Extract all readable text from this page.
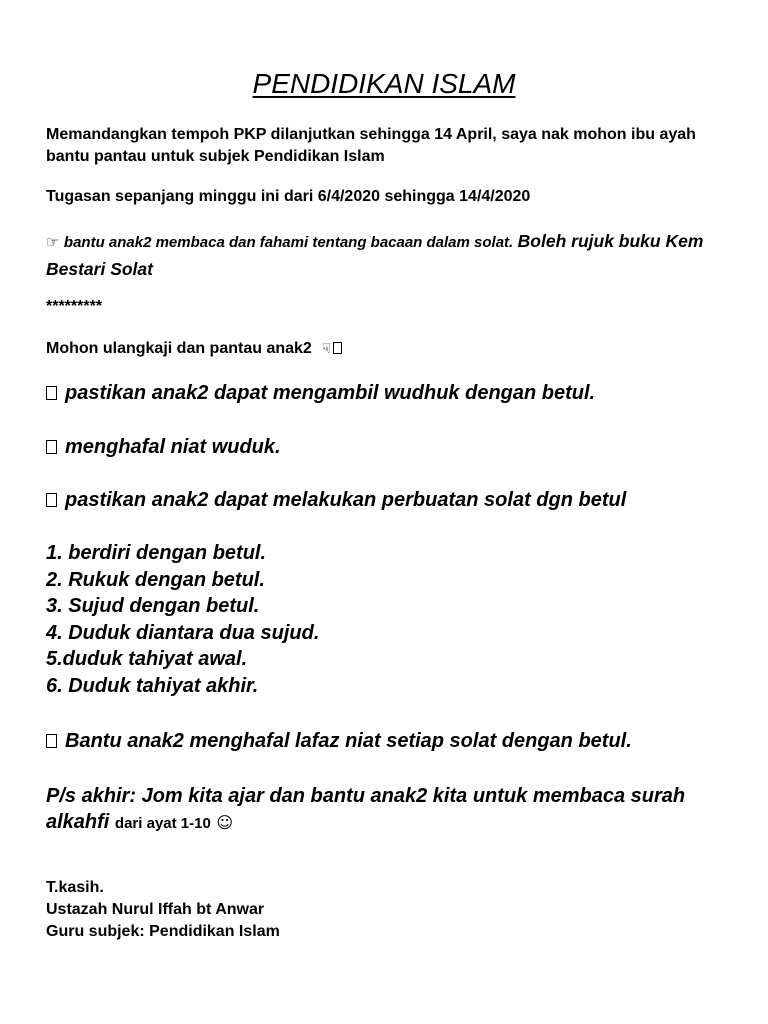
PENDIDIKAN ISLAM
Memandangkan tempoh PKP dilanjutkan sehingga 14 April, saya nak mohon ibu ayah bantu pantau untuk subjek Pendidikan Islam
Tugasan sepanjang minggu ini dari 6/4/2020 sehingga 14/4/2020
☞ bantu anak2 membaca dan fahami tentang bacaan dalam solat. Boleh rujuk buku Kem Bestari Solat
*********
Mohon ulangkaji dan pantau anak2 ☟
pastikan anak2 dapat mengambil wudhuk dengan betul.
menghafal niat wuduk.
pastikan anak2 dapat melakukan perbuatan solat dgn betul
1. berdiri dengan betul.
2. Rukuk dengan betul.
3. Sujud dengan betul.
4. Duduk diantara dua sujud.
5.duduk tahiyat awal.
6. Duduk tahiyat akhir.
Bantu anak2 menghafal lafaz niat setiap solat dengan betul.
P/s akhir: Jom kita ajar dan bantu anak2 kita untuk membaca surah alkahfi dari ayat 1-10 ☺
T.kasih.
Ustazah Nurul Iffah bt Anwar
Guru subjek: Pendidikan Islam
